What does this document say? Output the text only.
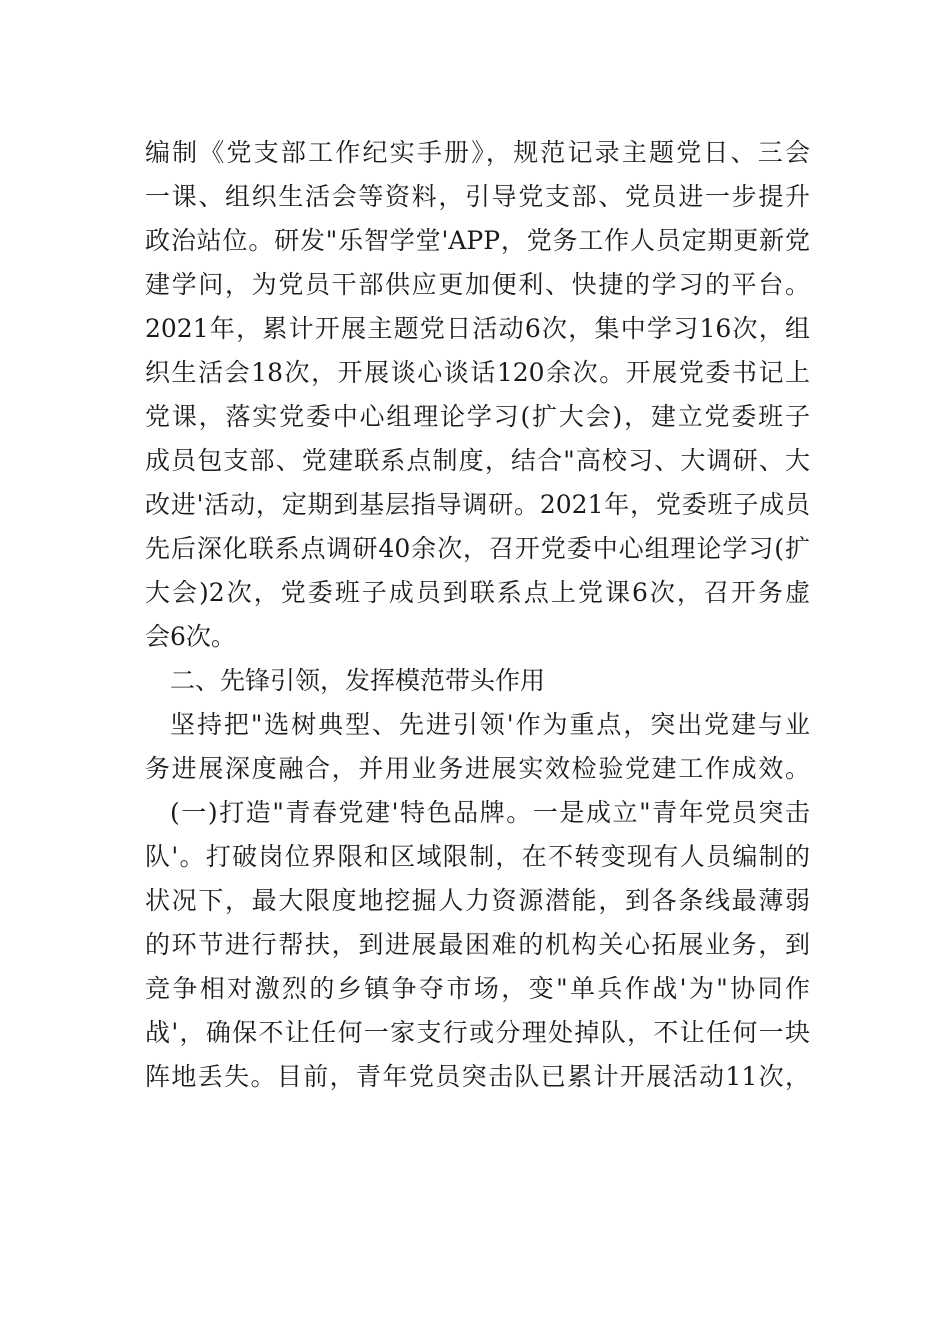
编制《党支部工作纪实手册》，规范记录主题党日、三会
一课、组织生活会等资料，引导党支部、党员进一步提升
政治站位。研发"乐智学堂'APP，党务工作人员定期更新党
建学问，为党员干部供应更加便利、快捷的学习的平台。
2021年，累计开展主题党日活动6次，集中学习16次，组
织生活会18次，开展谈心谈话120余次。开展党委书记上
党课，落实党委中心组理论学习(扩大会)，建立党委班子
成员包支部、党建联系点制度，结合"高校习、大调研、大
改进'活动，定期到基层指导调研。2021年，党委班子成员
先后深化联系点调研40余次，召开党委中心组理论学习(扩
大会)2次，党委班子成员到联系点上党课6次，召开务虚
会6次。
二、先锋引领，发挥模范带头作用
坚持把"选树典型、先进引领'作为重点，突出党建与业
务进展深度融合，并用业务进展实效检验党建工作成效。
(一)打造"青春党建'特色品牌。一是成立"青年党员突击
队'。打破岗位界限和区域限制，在不转变现有人员编制的
状况下，最大限度地挖掘人力资源潜能，到各条线最薄弱
的环节进行帮扶，到进展最困难的机构关心拓展业务，到
竞争相对激烈的乡镇争夺市场，变"单兵作战'为"协同作
战'，确保不让任何一家支行或分理处掉队，不让任何一块
阵地丢失。目前，青年党员突击队已累计开展活动11次，
